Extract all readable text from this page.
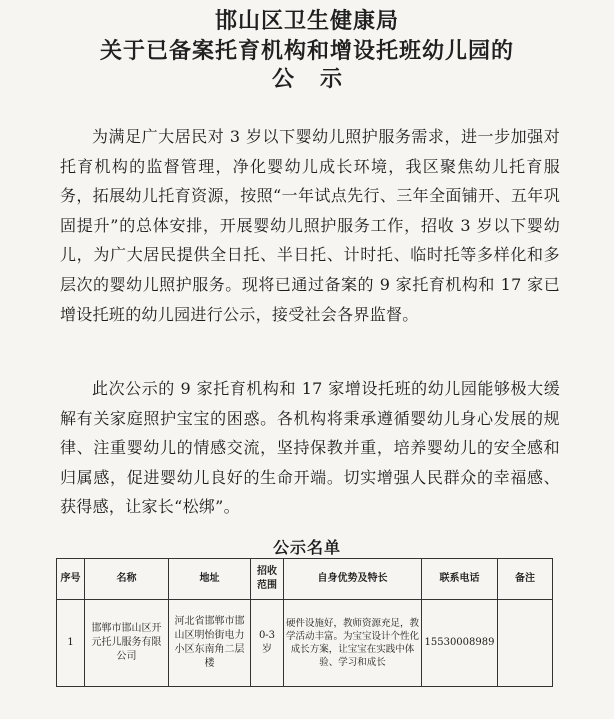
邯山区卫生健康局
关于已备案托育机构和增设托班幼儿园的
公示

为满足广大居民对 3 岁以下婴幼儿照护服务需求，进一步加强对托育机构的监督管理，净化婴幼儿成长环境，我区聚焦幼儿托育服务，拓展幼儿托育资源，按照“一年试点先行、三年全面铺开、五年巩固提升”的总体安排，开展婴幼儿照护服务工作，招收 3 岁以下婴幼儿，为广大居民提供全日托、半日托、计时托、临时托等多样化和多层次的婴幼儿照护服务。现将已通过备案的 9 家托育机构和 17 家已增设托班的幼儿园进行公示，接受社会各界监督。

此次公示的 9 家托育机构和 17 家增设托班的幼儿园能够极大缓解有关家庭照护宝宝的困惑。各机构将秉承遵循婴幼儿身心发展的规律、注重婴幼儿的情感交流，坚持保教并重，培养婴幼儿的安全感和归属感，促进婴幼儿良好的生命开端。切实增强人民群众的幸福感、获得感，让家长“松绑”。

公示名单
序号	名称	地址	招收范围	自身优势及特长	联系电话	备注
1	邯郸市邯山区开元托儿服务有限公司	河北省邯郸市邯山区明怡街电力小区东南角二层楼	0-3 岁	硬件设施好，教师资源充足，教学活动丰富。为宝宝设计个性化成长方案，让宝宝在实践中体验、学习和成长	15530008989	
